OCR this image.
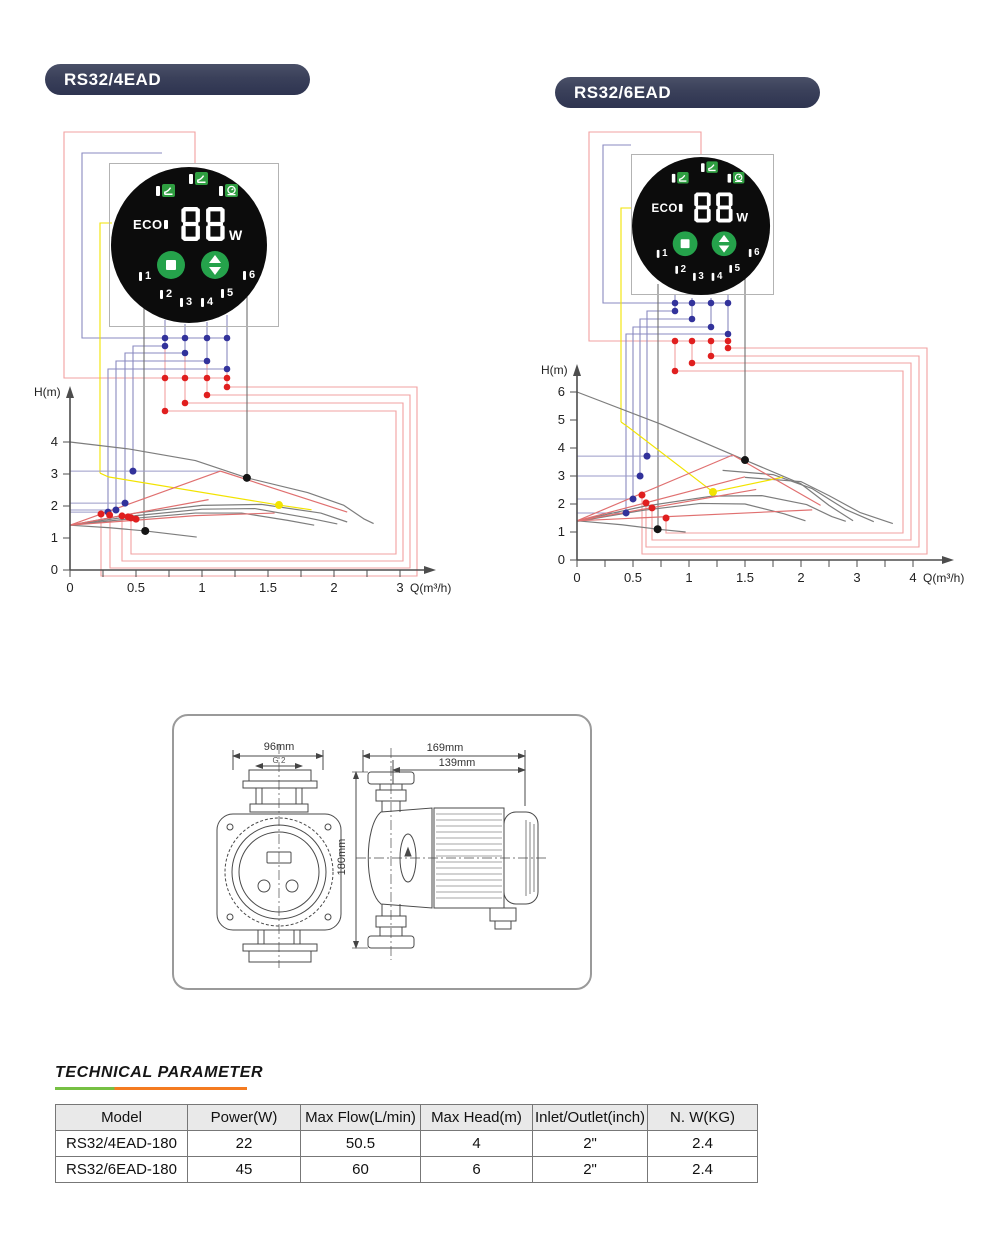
0	0.5	1	1.5	2	3
0
1
2
3
4
H(m)
Q(m³/h)
0	0.5	1	1.5	2	3	4
0
1
2
3
4
5
6
H(m)
Q(m³/h)
RS32/4EAD
RS32/6EAD
ECO
W
1
2
3 4
5
6
ECO
W
1
2
3 4
5
6
96mm
G 2
169mm
139mm
180mm
TECHNICAL PARAMETER
Model	Power(W)	Max Flow(L/min)	Max Head(m)	Inlet/Outlet(inch)	N. W(KG)
RS32/4EAD-180	22	50.5	4	2"	2.4
RS32/6EAD-180	45	60	6	2"	2.4
